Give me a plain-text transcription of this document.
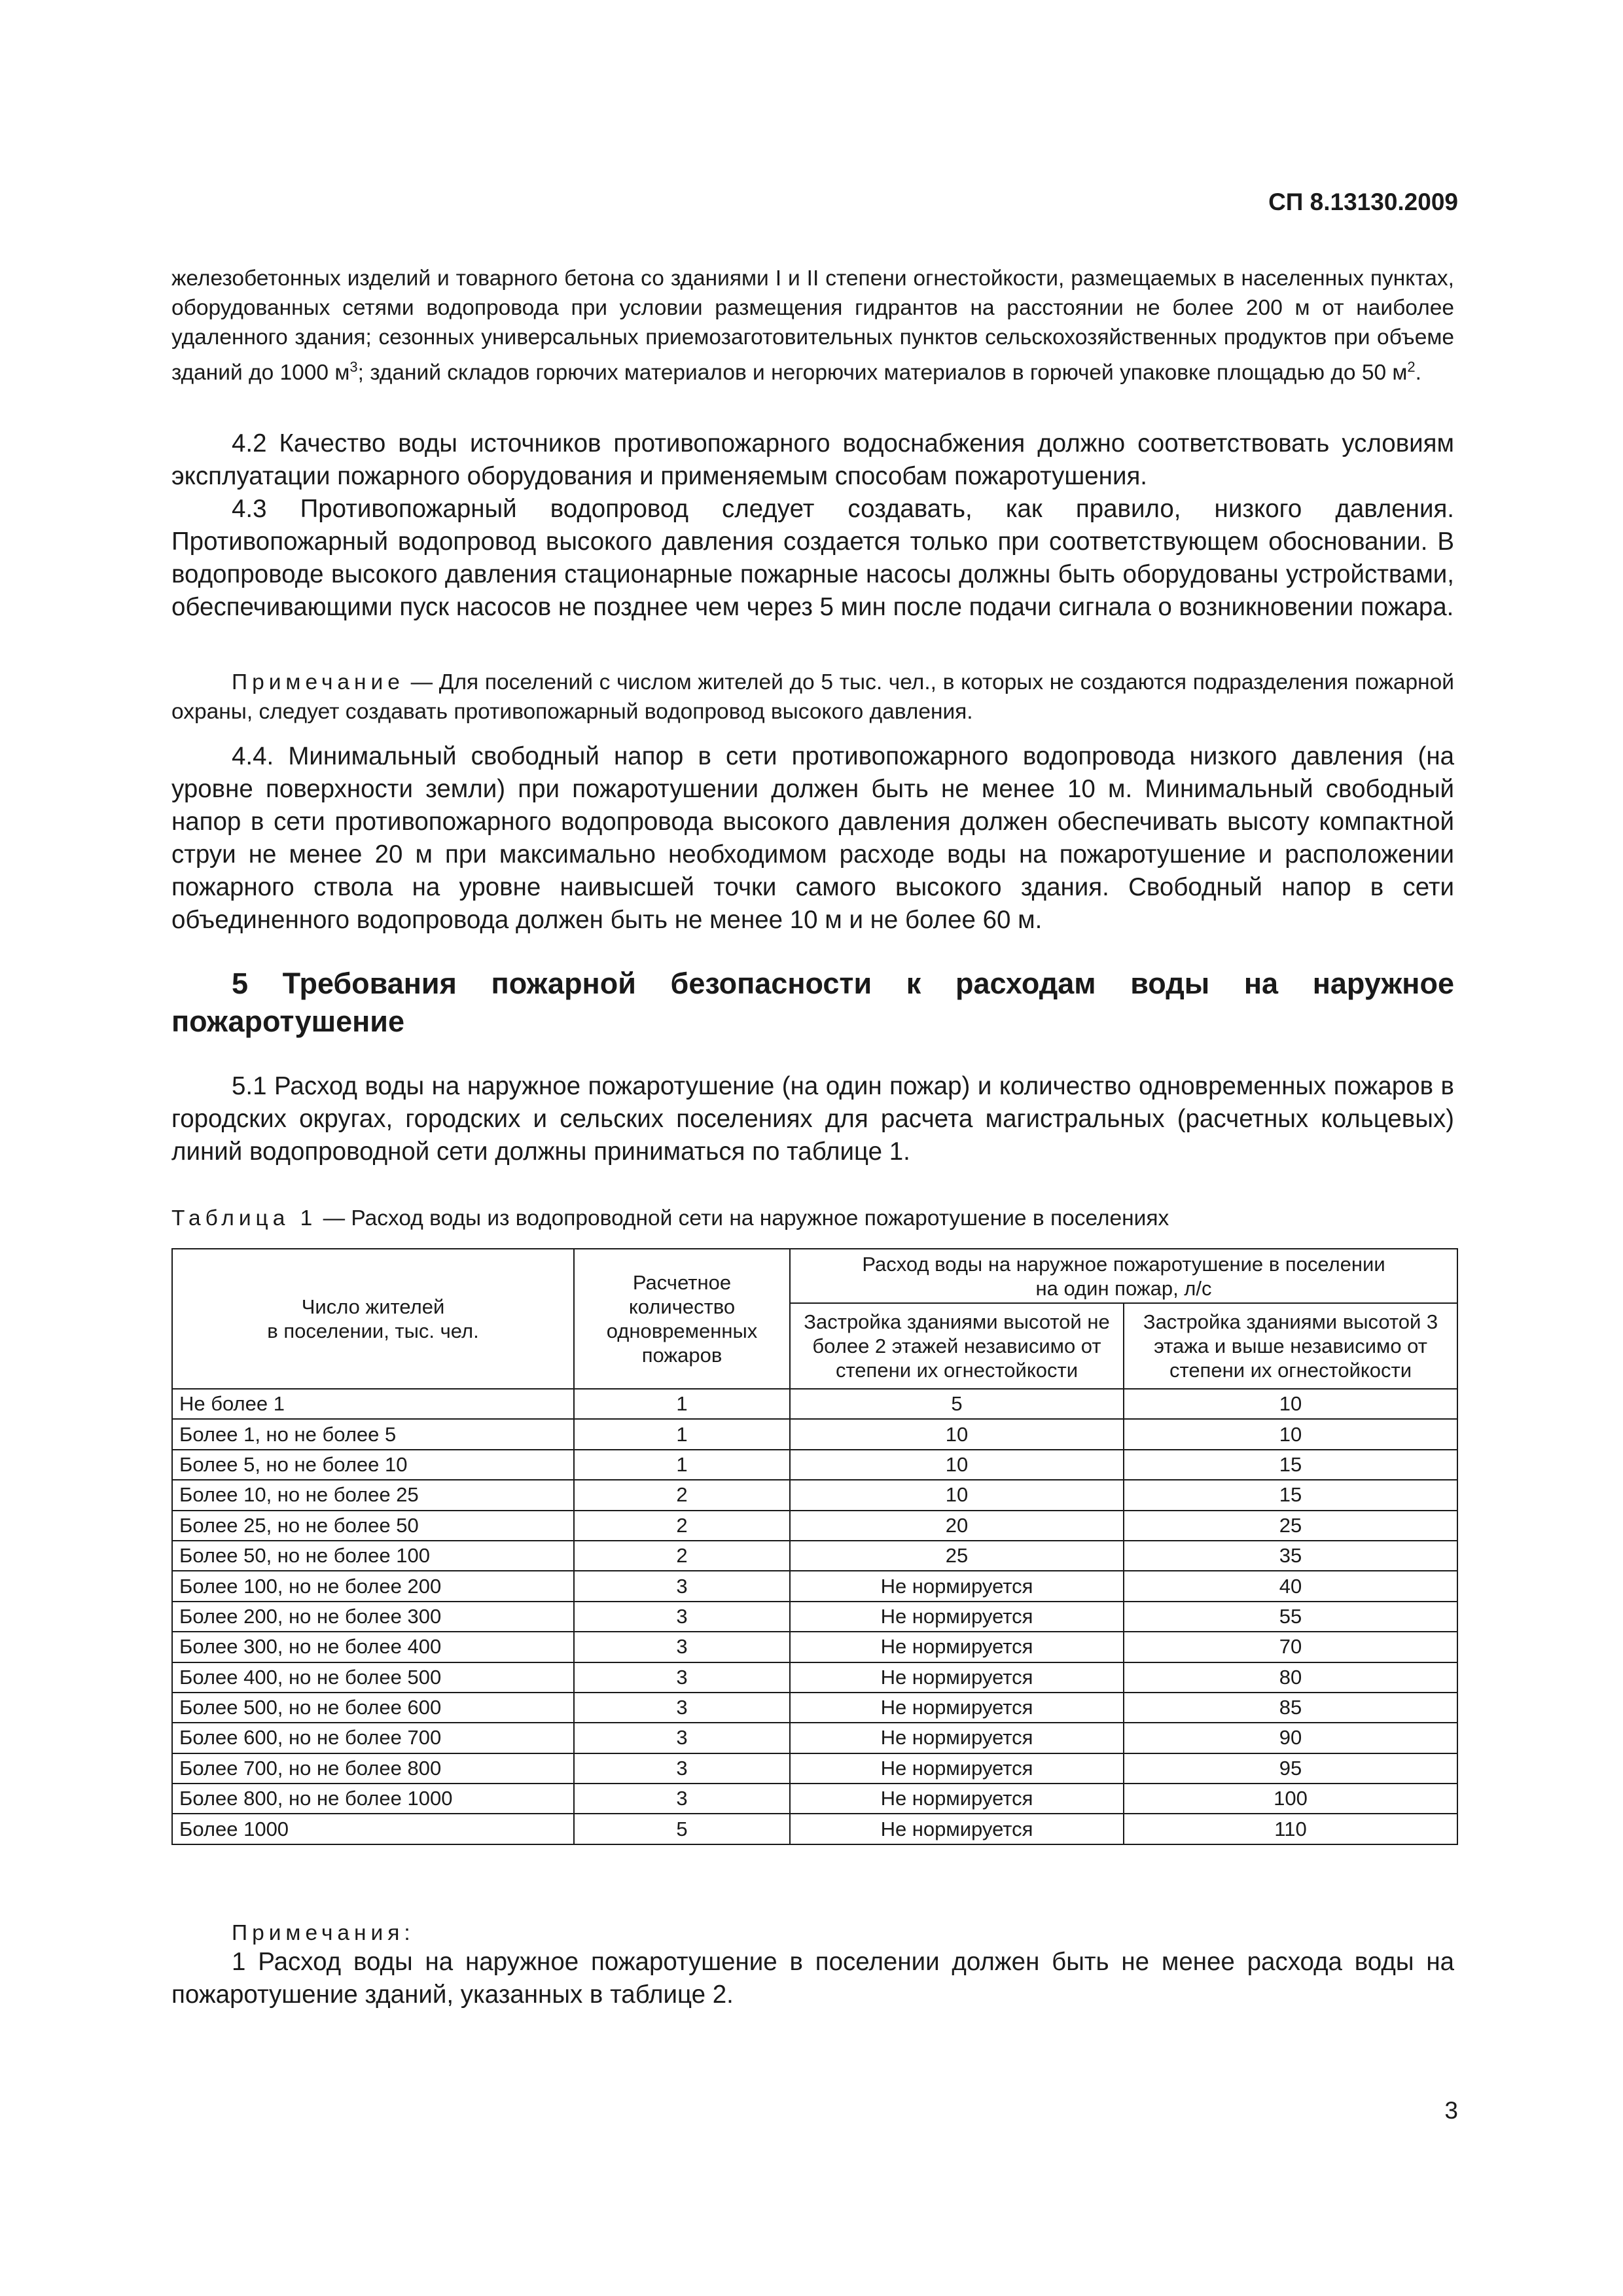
СП 8.13130.2009

железобетонных изделий и товарного бетона со зданиями I и II степени огнестойкости, размещаемых в населенных пунктах, оборудованных сетями водопровода при условии размещения гидрантов на расстоянии не более 200 м от наиболее удаленного здания; сезонных универсальных приемозаготовительных пунктов сельскохозяйственных продуктов при объеме зданий до 1000 $м^3$; зданий складов горючих материалов и негорючих материалов в горючей упаковке площадью до 50 $м^2$.

4.2 Качество воды источников противопожарного водоснабжения должно соответствовать условиям эксплуатации пожарного оборудования и применяемым способам пожаротушения.

4.3 Противопожарный водопровод следует создавать, как правило, низкого давления. Противопожарный водопровод высокого давления создается только при соответствующем обосновании. В водопроводе высокого давления стационарные пожарные насосы должны быть оборудованы устройствами, обеспечивающими пуск насосов не позднее чем через 5 мин после подачи сигнала о возникновении пожара.

Примечание — Для поселений с числом жителей до 5 тыс. чел., в которых не создаются подразделения пожарной охраны, следует создавать противопожарный водопровод высокого давления.

4.4. Минимальный свободный напор в сети противопожарного водопровода низкого давления (на уровне поверхности земли) при пожаротушении должен быть не менее 10 м. Минимальный свободный напор в сети противопожарного водопровода высокого давления должен обеспечивать высоту компактной струи не менее 20 м при максимально необходимом расходе воды на пожаротушение и расположении пожарного ствола на уровне наивысшей точки самого высокого здания. Свободный напор в сети объединенного водопровода должен быть не менее 10 м и не более 60 м.

5 Требования пожарной безопасности к расходам воды на наружное пожаротушение

5.1 Расход воды на наружное пожаротушение (на один пожар) и количество одновременных пожаров в городских округах, городских и сельских поселениях для расчета магистральных (расчетных кольцевых) линий водопроводной сети должны приниматься по таблице 1.

Таблица 1 — Расход воды из водопроводной сети на наружное пожаротушение в поселениях
Число жителей
в поселении, тыс. чел.	Расчетное количество одновременных пожаров	Расход воды на наружное пожаротушение в поселении
на один пожар, л/с	
		Застройка зданиями высотой не более 2 этажей независимо от степени их огнестойкости	Застройка зданиями высотой 3 этажа и выше независимо от степени их огнестойкости
Не более 1	1	5	10
Более 1, но не более 5	1	10	10
Более 5, но не более 10	1	10	15
Более 10, но не более 25	2	10	15
Более 25, но не более 50	2	20	25
Более 50, но не более 100	2	25	35
Более 100, но не более 200	3	Не нормируется	40
Более 200, но не более 300	3	Не нормируется	55
Более 300, но не более 400	3	Не нормируется	70
Более 400, но не более 500	3	Не нормируется	80
Более 500, но не более 600	3	Не нормируется	85
Более 600, но не более 700	3	Не нормируется	90
Более 700, но не более 800	3	Не нормируется	95
Более 800, но не более 1000	3	Не нормируется	100
Более 1000	5	Не нормируется	110

Примечания:

1 Расход воды на наружное пожаротушение в поселении должен быть не менее расхода воды на пожаротушение зданий, указанных в таблице 2.

3
